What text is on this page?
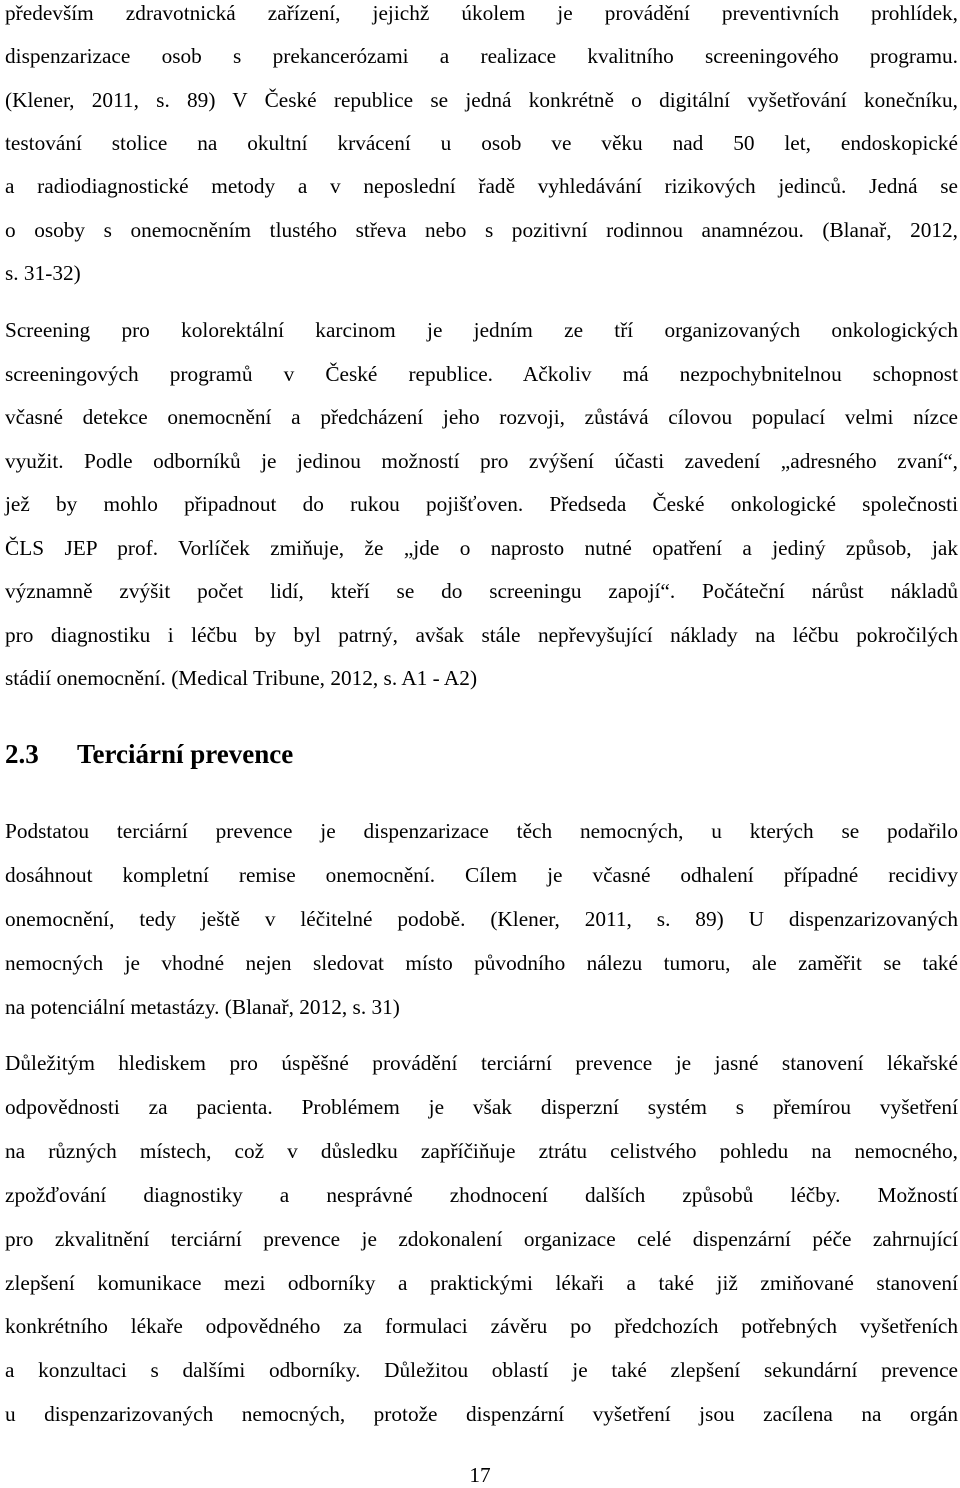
především zdravotnická zařízení, jejichž úkolem je provádění preventivních prohlídek,
dispenzarizace osob s prekancerózami a realizace kvalitního screeningového programu.
(Klener, 2011, s. 89) V České republice se jedná konkrétně o digitální vyšetřování konečníku,
testování stolice na okultní krvácení u osob ve věku nad 50 let, endoskopické
a radiodiagnostické metody a v neposlední řadě vyhledávání rizikových jedinců. Jedná se
o osoby s onemocněním tlustého střeva nebo s pozitivní rodinnou anamnézou. (Blanař, 2012,
s. 31-32)
Screening pro kolorektální karcinom je jedním ze tří organizovaných onkologických
screeningových programů v České republice. Ačkoliv má nezpochybnitelnou schopnost
včasné detekce onemocnění a předcházení jeho rozvoji, zůstává cílovou populací velmi nízce
využit. Podle odborníků je jedinou možností pro zvýšení účasti zavedení „adresného zvaní“,
jež by mohlo připadnout do rukou pojišťoven. Předseda České onkologické společnosti
ČLS JEP prof. Vorlíček zmiňuje, že „jde o naprosto nutné opatření a jediný způsob, jak
významně zvýšit počet lidí, kteří se do screeningu zapojí“. Počáteční nárůst nákladů
pro diagnostiku i léčbu by byl patrný, avšak stále nepřevyšující náklady na léčbu pokročilých
stádií onemocnění. (Medical Tribune, 2012, s. A1 - A2)
2.3 Terciární prevence
Podstatou terciární prevence je dispenzarizace těch nemocných, u kterých se podařilo
dosáhnout kompletní remise onemocnění. Cílem je včasné odhalení případné recidivy
onemocnění, tedy ještě v léčitelné podobě. (Klener, 2011, s. 89) U dispenzarizovaných
nemocných je vhodné nejen sledovat místo původního nálezu tumoru, ale zaměřit se také
na potenciální metastázy. (Blanař, 2012, s. 31)
Důležitým hlediskem pro úspěšné provádění terciární prevence je jasné stanovení lékařské
odpovědnosti za pacienta. Problémem je však disperzní systém s přemírou vyšetření
na různých místech, což v důsledku zapříčiňuje ztrátu celistvého pohledu na nemocného,
zpožďování diagnostiky a nesprávné zhodnocení dalších způsobů léčby. Možností
pro zkvalitnění terciární prevence je zdokonalení organizace celé dispenzární péče zahrnující
zlepšení komunikace mezi odborníky a praktickými lékaři a také již zmiňované stanovení
konkrétního lékaře odpovědného za formulaci závěru po předchozích potřebných vyšetřeních
a konzultaci s dalšími odborníky. Důležitou oblastí je také zlepšení sekundární prevence
u dispenzarizovaných nemocných, protože dispenzární vyšetření jsou zacílena na orgán
17
